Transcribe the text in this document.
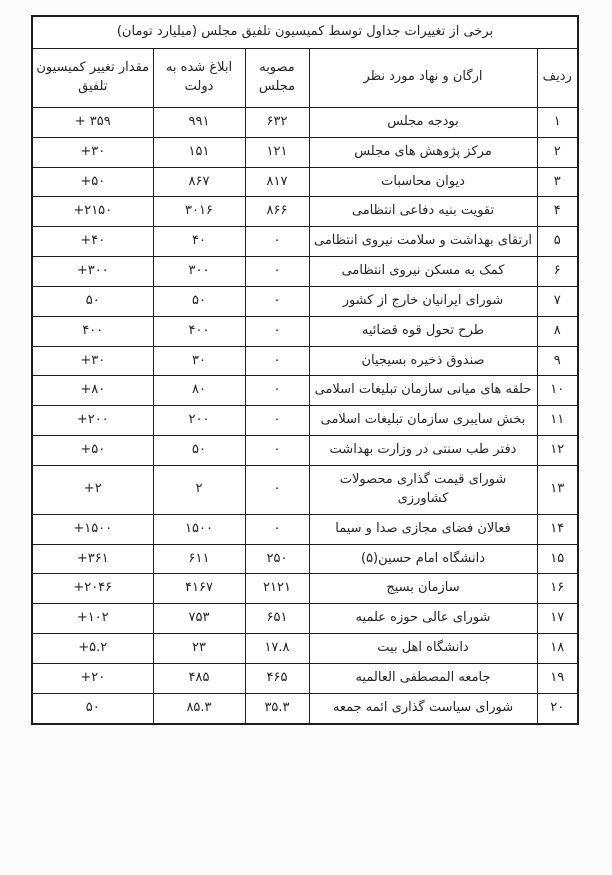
برخی از تغییرات جداول توسط کمیسیون تلفیق مجلس (میلیارد تومان)				
ردیف	ارگان و نهاد مورد نظر	مصوبه مجلس	ابلاغ شده به دولت	مقدار تغییر کمیسیون تلفیق
۱	بودجه مجلس	۶۳۲	۹۹۱	+ ۳۵۹
۲	مرکز پژوهش های مجلس	۱۲۱	۱۵۱	+۳۰
۳	دیوان محاسبات	۸۱۷	۸۶۷	+۵۰
۴	تقویت بنیه دفاعی انتظامی	۸۶۶	۳۰۱۶	+۲۱۵۰
۵	ارتقای بهداشت و سلامت نیروی انتظامی	۰	۴۰	+۴۰
۶	کمک به مسکن نیروی انتظامی	۰	۳۰۰	+۳۰۰
۷	شورای ایرانیان خارج از کشور	۰	۵۰	۵۰
۸	طرح تحول قوه قضائیه	۰	۴۰۰	۴۰۰
۹	صندوق ذخیره بسیجیان	۰	۳۰	+۳۰
۱۰	حلقه های میانی سازمان تبلیغات اسلامی	۰	۸۰	+۸۰
۱۱	بخش سایبری سازمان تبلیغات اسلامی	۰	۲۰۰	+۲۰۰
۱۲	دفتر طب سنتی در وزارت بهداشت	۰	۵۰	+۵۰
۱۳	شورای قیمت گذاری محصولات کشاورزی	۰	۲	+۲
۱۴	فعالان فضای مجازی صدا و سیما	۰	۱۵۰۰	+۱۵۰۰
۱۵	دانشگاه امام حسین(۵)	۲۵۰	۶۱۱	+۳۶۱
۱۶	سازمان بسیج	۲۱۲۱	۴۱۶۷	+۲۰۴۶
۱۷	شورای عالی حوزه علمیه	۶۵۱	۷۵۳	+۱۰۲
۱۸	دانشگاه اهل بیت	۱۷.۸	۲۳	+۵.۲
۱۹	جامعه المصطفی العالمیه	۴۶۵	۴۸۵	+۲۰
۲۰	شورای سیاست گذاری ائمه جمعه	۳۵.۳	۸۵.۳	۵۰
